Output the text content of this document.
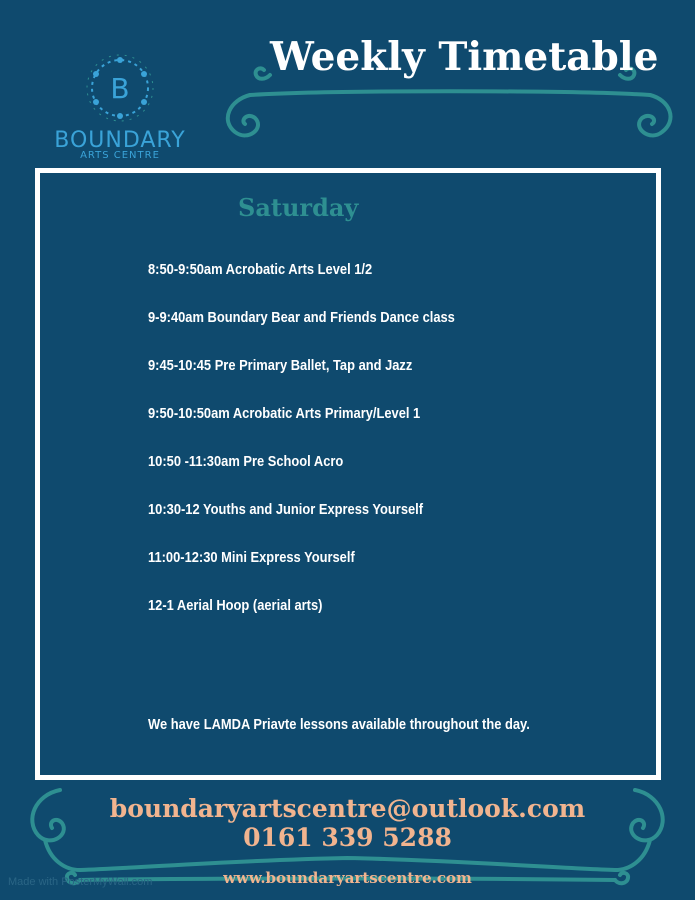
B
BOUNDARY
ARTS CENTRE
Weekly Timetable
Saturday
8:50-9:50am Acrobatic Arts Level 1/2
9-9:40am Boundary Bear and Friends Dance class
9:45-10:45 Pre Primary Ballet, Tap and Jazz
9:50-10:50am Acrobatic Arts Primary/Level 1
10:50 -11:30am Pre School Acro
10:30-12 Youths and Junior Express Yourself
11:00-12:30 Mini Express Yourself
12-1 Aerial Hoop (aerial arts)
We have LAMDA Priavte lessons available throughout the day.
boundaryartscentre@outlook.com
0161 339 5288
www.boundaryartscentre.com
Made with PosterMyWall.com
